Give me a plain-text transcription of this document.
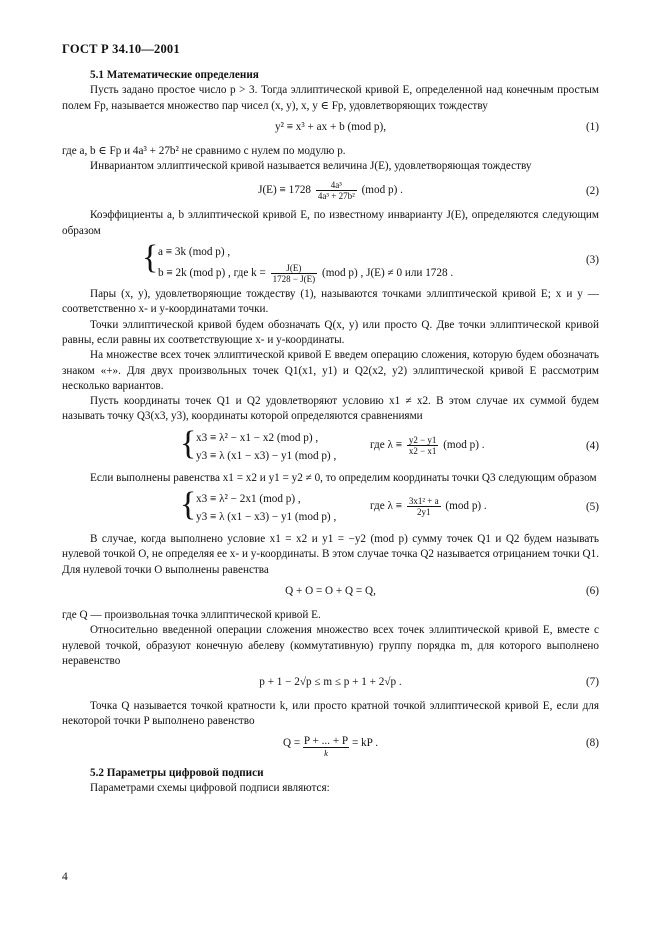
ГОСТ Р 34.10—2001
5.1 Математические определения

Пусть задано простое число p > 3. Тогда эллиптической кривой E, определенной над конечным простым полем Fp, называется множество пар чисел (x, y), x, y ∈ Fp, удовлетворяющих тождеству

y² ≡ x³ + ax + b (mod p),	(1)

где a, b ∈ Fp и 4a³ + 27b² не сравнимо с нулем по модулю p.

Инвариантом эллиптической кривой называется величина J(E), удовлетворяющая тождеству

$J(E) \equiv 1728 \frac{\text{4a³}}{\text{4a³ + 27b²}} (mod$ p) .	(2)

Коэффициенты a, b эллиптической кривой E, по известному инварианту J(E), определяются следующим образом

{ a ≡ 3k (mod p) ,
b ≡ 2k (mod p) , где $k = \frac{J(E)}{1728 - J(E)} (mod$ p) , J(E) ≠ 0 или 1728 .
(3)

Пары (x, y), удовлетворяющие тождеству (1), называются точками эллиптической кривой E; x и y — соответственно x- и y-координатами точки.

Точки эллиптической кривой будем обозначать Q(x, y) или просто Q. Две точки эллиптической кривой равны, если равны их соответствующие x- и y-координаты.

На множестве всех точек эллиптической кривой E введем операцию сложения, которую будем обозначать знаком «+». Для двух произвольных точек Q1(x1, y1) и Q2(x2, y2) эллиптической кривой E рассмотрим несколько вариантов.

Пусть координаты точек Q1 и Q2 удовлетворяют условию x1 ≠ x2. В этом случае их суммой будем называть точку Q3(x3, y3), координаты которой определяются сравнениями

{ x3 ≡ λ² − x1 − x2 (mod p) ,
y3 ≡ λ (x1 − x3) − y1 (mod p) ,
где $\lambda \equiv \frac{y2 - y1}{x2 - x1} (mod$ p) .	(4)

Если выполнены равенства x1 = x2 и y1 = y2 ≠ 0, то определим координаты точки Q3 следующим образом

{ x3 ≡ λ² − 2x1 (mod p) ,
y3 ≡ λ (x1 − x3) − y1 (mod p) ,
где $\lambda \equiv \frac{\text{3x1² + a}}{2y1} (mod$ p) .	(5)

В случае, когда выполнено условие x1 = x2 и y1 = −y2 (mod p) сумму точек Q1 и Q2 будем называть нулевой точкой O, не определяя ее x- и y-координаты. В этом случае точка Q2 называется отрицанием точки Q1. Для нулевой точки O выполнены равенства

Q + O = O + Q = Q,	(6)

где Q — произвольная точка эллиптической кривой E.

Относительно введенной операции сложения множество всех точек эллиптической кривой E, вместе с нулевой точкой, образуют конечную абелеву (коммутативную) группу порядка m, для которого выполнено неравенство

p + 1 − 2√p ≤ m ≤ p + 1 + 2√p .	(7)

Точка Q называется точкой кратности k, или просто кратной точкой эллиптической кривой E, если для некоторой точки P выполнено равенство

Q = P + ... + P
k
= kP .	(8)
5.2 Параметры цифровой подписи

Параметрами схемы цифровой подписи являются:

4
